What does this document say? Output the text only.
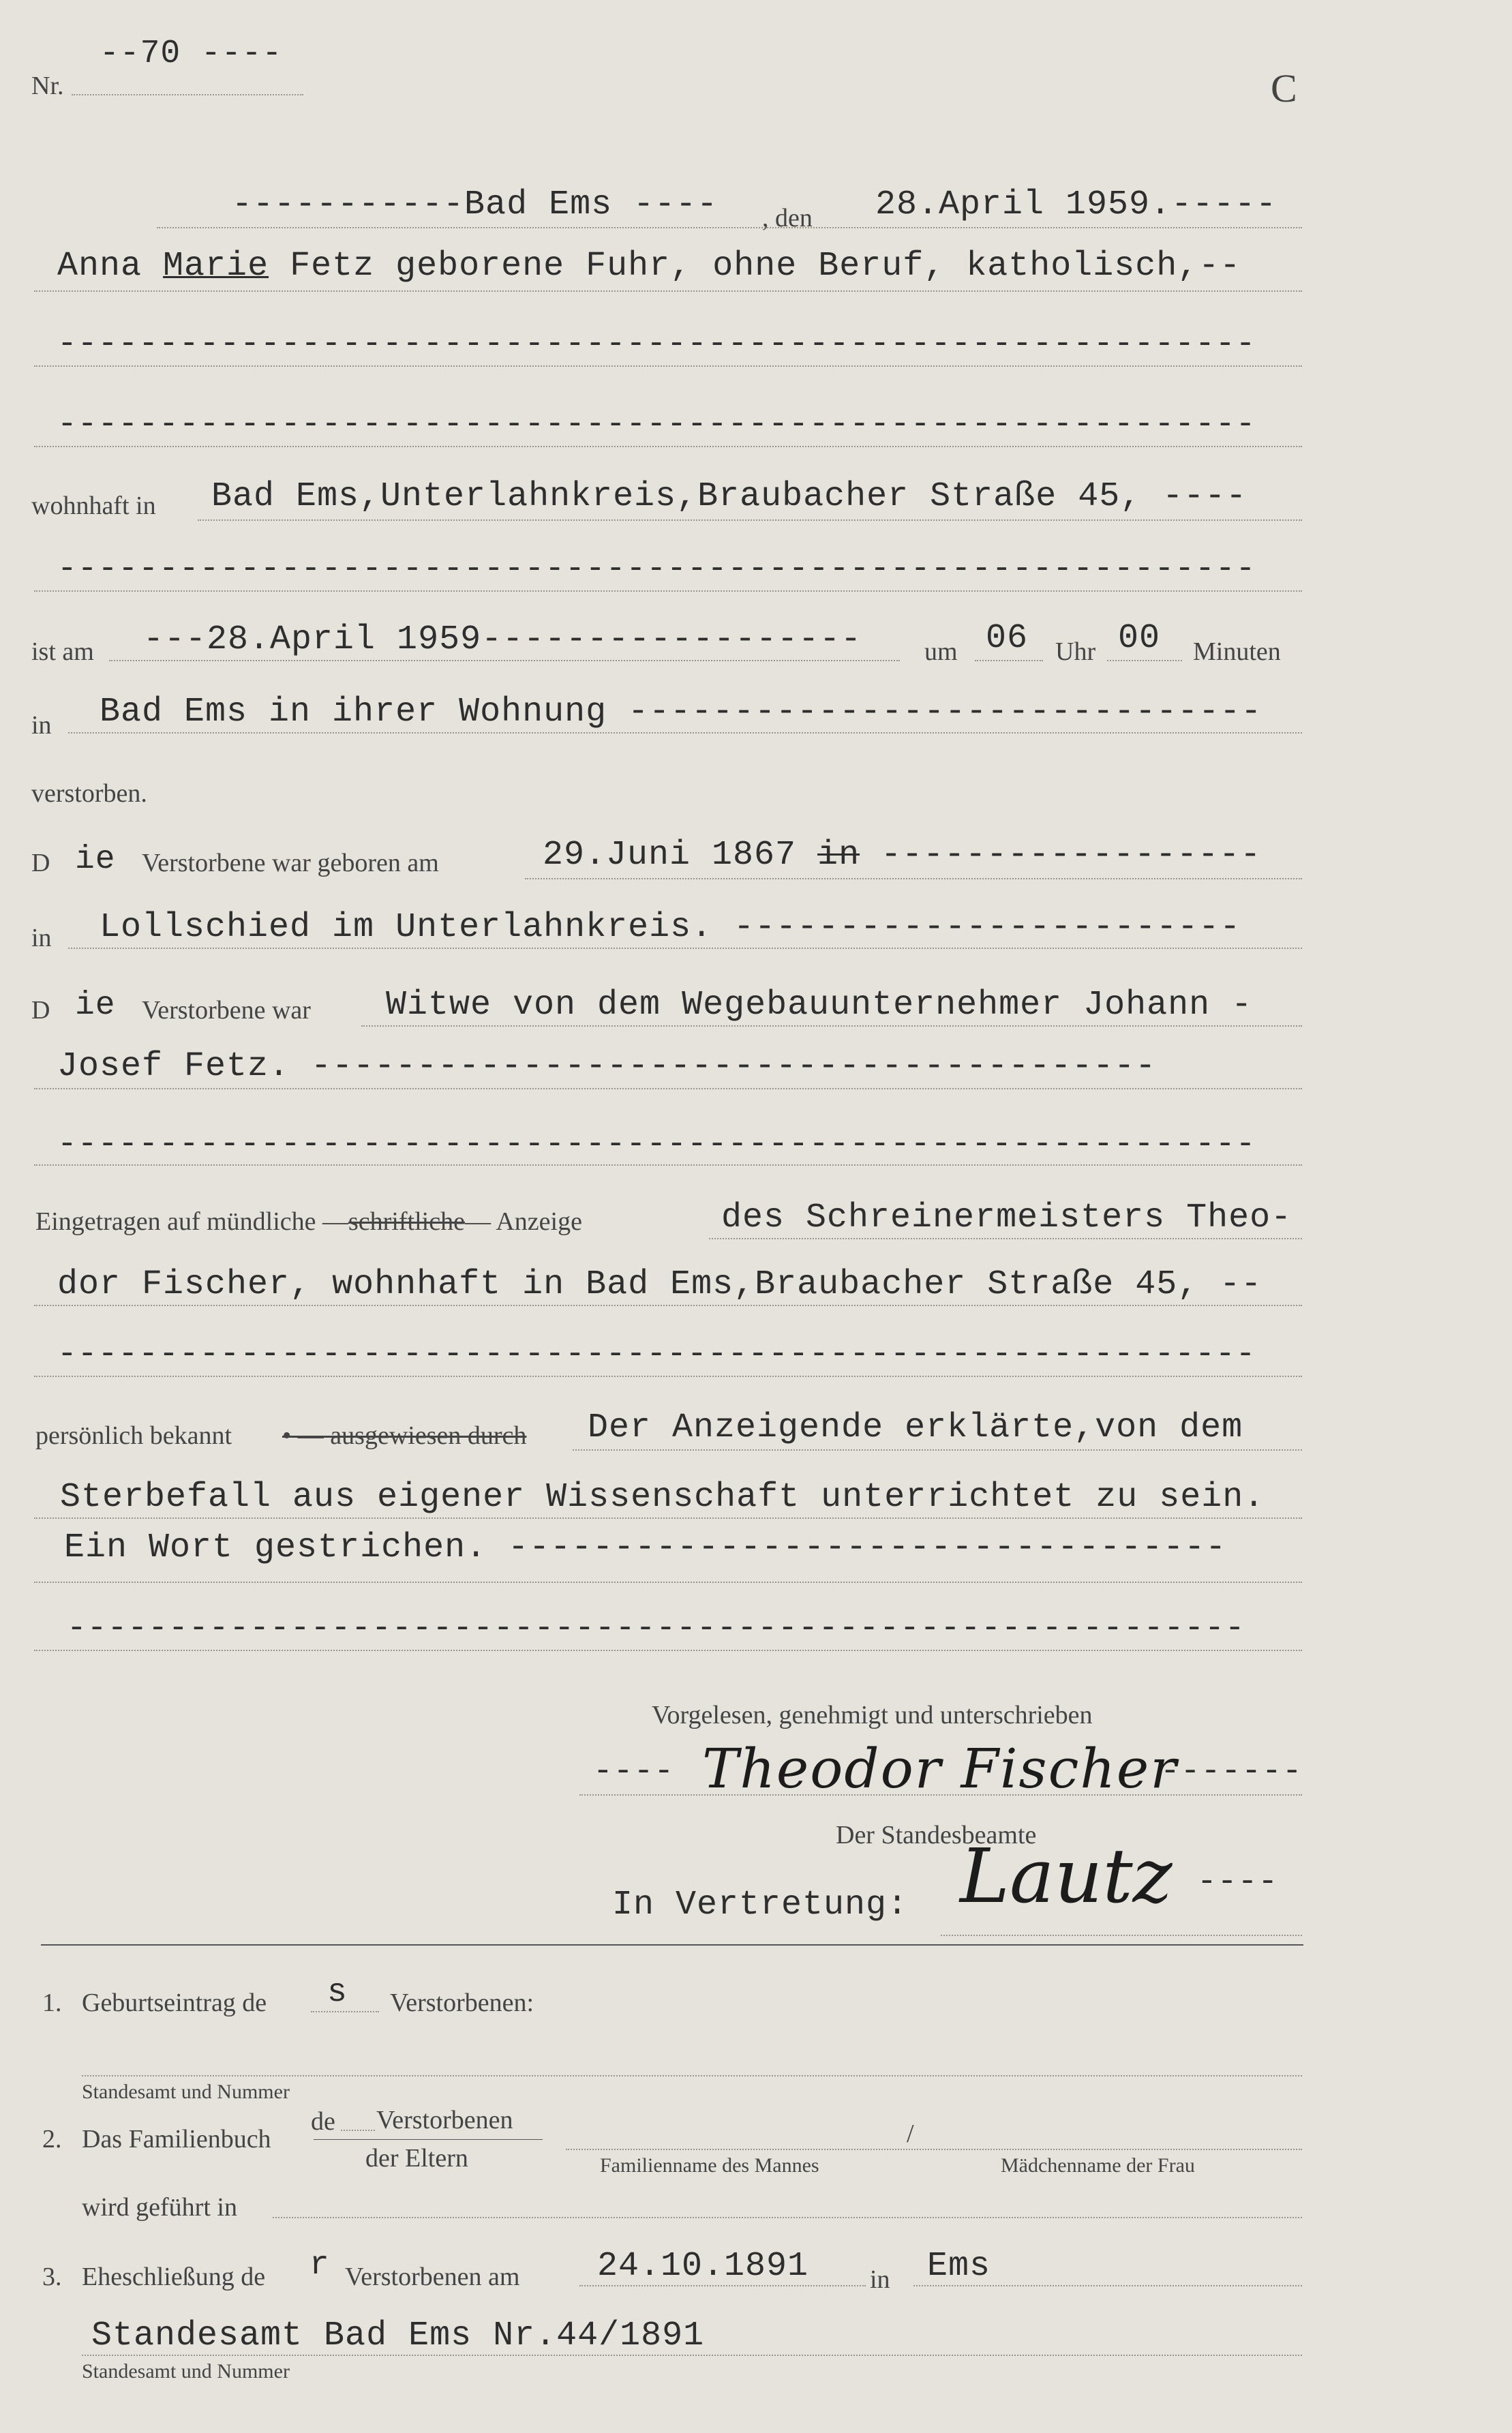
Nr.
--70 ----
C
-----------Bad Ems ---- , den 28.April 1959.-----
Anna Marie Fetz geborene Fuhr, ohne Beruf, katholisch,--
-----------------------------------------------------------
-----------------------------------------------------------
wohnhaft in Bad Ems,Unterlahnkreis,Braubacher Straße 45, ----
-----------------------------------------------------------
ist am ---28.April 1959------------------ um 06 Uhr 00 Minuten
in Bad Ems in ihrer Wohnung ------------------------------
verstorben.
D ie Verstorbene war geboren am	29.Juni 1867 in ------------------
in Lollschied im Unterlahnkreis. ------------------------
D ie Verstorbene war Witwe von dem Wegebauunternehmer Johann -
Josef Fetz. ----------------------------------------
-----------------------------------------------------------
Eingetragen auf mündliche —schriftliche— Anzeige	des Schreinermeisters Theo-
dor Fischer, wohnhaft in Bad Ems,Braubacher Straße 45, --
-----------------------------------------------------------
persönlich bekannt • — ausgewiesen durch Der Anzeigende erklärte,von dem
Sterbefall aus eigener Wissenschaft unterrichtet zu sein.
Ein Wort gestrichen. ----------------------------------
----------------------------------------------------------
Vorgelesen, genehmigt und unterschrieben
---- Theodor Fischer
-------
Der Standesbeamte
In Vertretung: Lautz ----
1. Geburtseintrag de s Verstorbenen:
Standesamt und Nummer
2. Das Familienbuch
de Verstorbenen
der Eltern	Familienname des Mannes
/
Mädchenname der Frau
wird geführt in
3. Eheschließung de r Verstorbenen am 24.10.1891 in Ems
Standesamt Bad Ems Nr.44/1891
Standesamt und Nummer
